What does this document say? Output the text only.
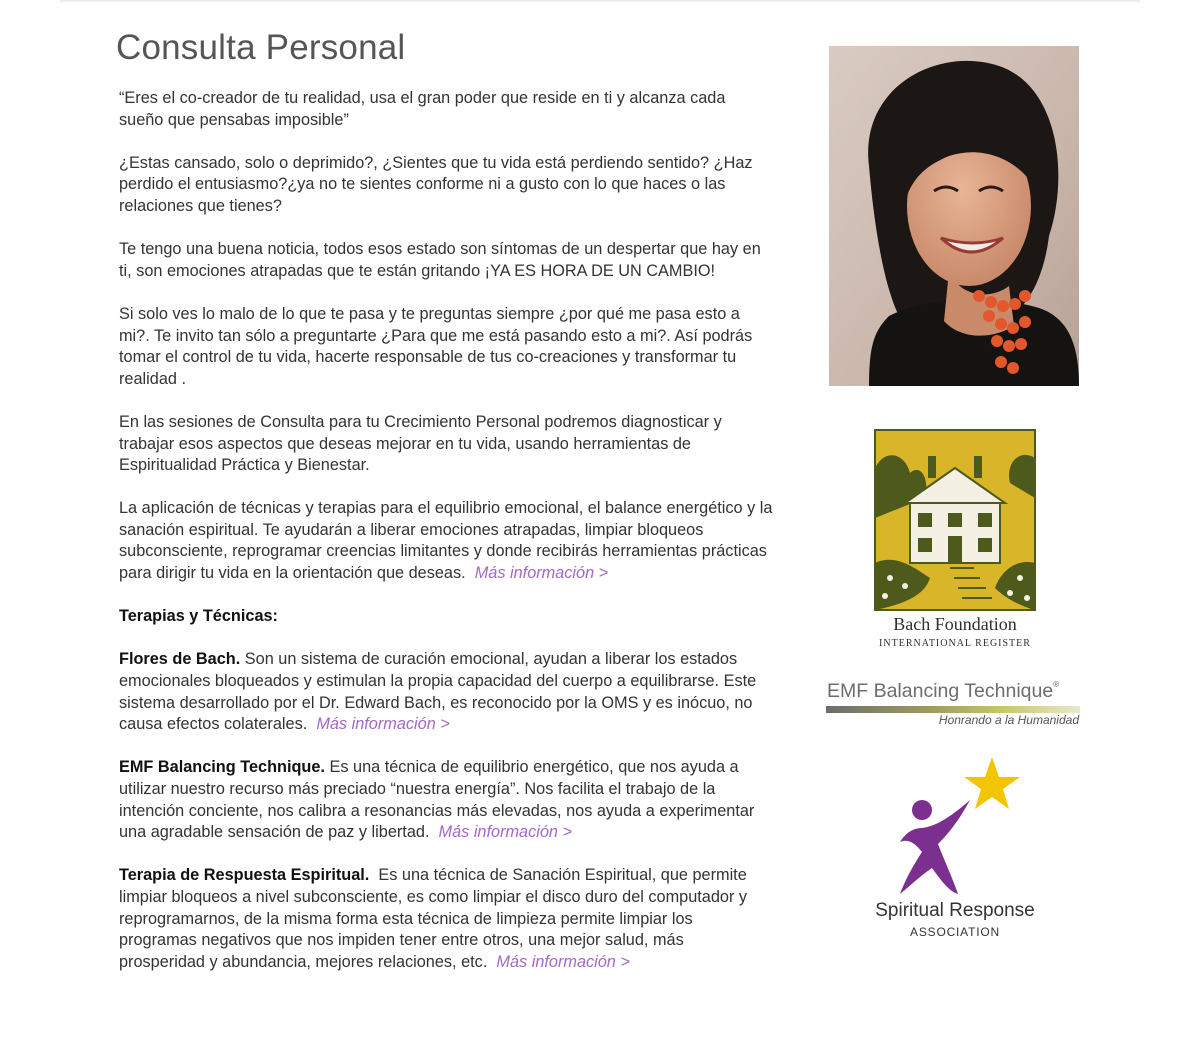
Consulta Personal

“Eres el co-creador de tu realidad, usa el gran poder que reside en ti y alcanza cada sueño que pensabas imposible”

¿Estas cansado, solo o deprimido?, ¿Sientes que tu vida está perdiendo sentido? ¿Haz perdido el entusiasmo?¿ya no te sientes conforme ni a gusto con lo que haces o las relaciones que tienes?

Te tengo una buena noticia, todos esos estado son síntomas de un despertar que hay en ti, son emociones atrapadas que te están gritando ¡YA ES HORA DE UN CAMBIO!

Si solo ves lo malo de lo que te pasa y te preguntas siempre ¿por qué me pasa esto a mi?. Te invito tan sólo a preguntarte ¿Para que me está pasando esto a mi?. Así podrás tomar el control de tu vida, hacerte responsable de tus co-creaciones y transformar tu realidad .

En las sesiones de Consulta para tu Crecimiento Personal podremos diagnosticar y trabajar esos aspectos que deseas mejorar en tu vida, usando herramientas de Espiritualidad Práctica y Bienestar.

La aplicación de técnicas y terapias para el equilibrio emocional, el balance energético y la sanación espiritual. Te ayudarán a liberar emociones atrapadas, limpiar bloqueos subconsciente, reprogramar creencias limitantes y donde recibirás herramientas prácticas para dirigir tu vida en la orientación que deseas. Más información >

Terapias y Técnicas:

Flores de Bach. Son un sistema de curación emocional, ayudan a liberar los estados emocionales bloqueados y estimulan la propia capacidad del cuerpo a equilibrarse. Este sistema desarrollado por el Dr. Edward Bach, es reconocido por la OMS y es inócuo, no causa efectos colaterales. Más información >

EMF Balancing Technique. Es una técnica de equilibrio energético, que nos ayuda a utilizar nuestro recurso más preciado “nuestra energía”. Nos facilita el trabajo de la intención conciente, nos calibra a resonancias más elevadas, nos ayuda a experimentar una agradable sensación de paz y libertad. Más información >

Terapia de Respuesta Espiritual. Es una técnica de Sanación Espiritual, que permite limpiar bloqueos a nivel subconsciente, es como limpiar el disco duro del computador y reprogramarnos, de la misma forma esta técnica de limpieza permite limpiar los programas negativos que nos impiden tener entre otros, una mejor salud, más prosperidad y abundancia, mejores relaciones, etc. Más información >

Bach Foundation
INTERNATIONAL REGISTER
EMF Balancing Technique®
Honrando a la Humanidad
Spiritual Response
ASSOCIATION
